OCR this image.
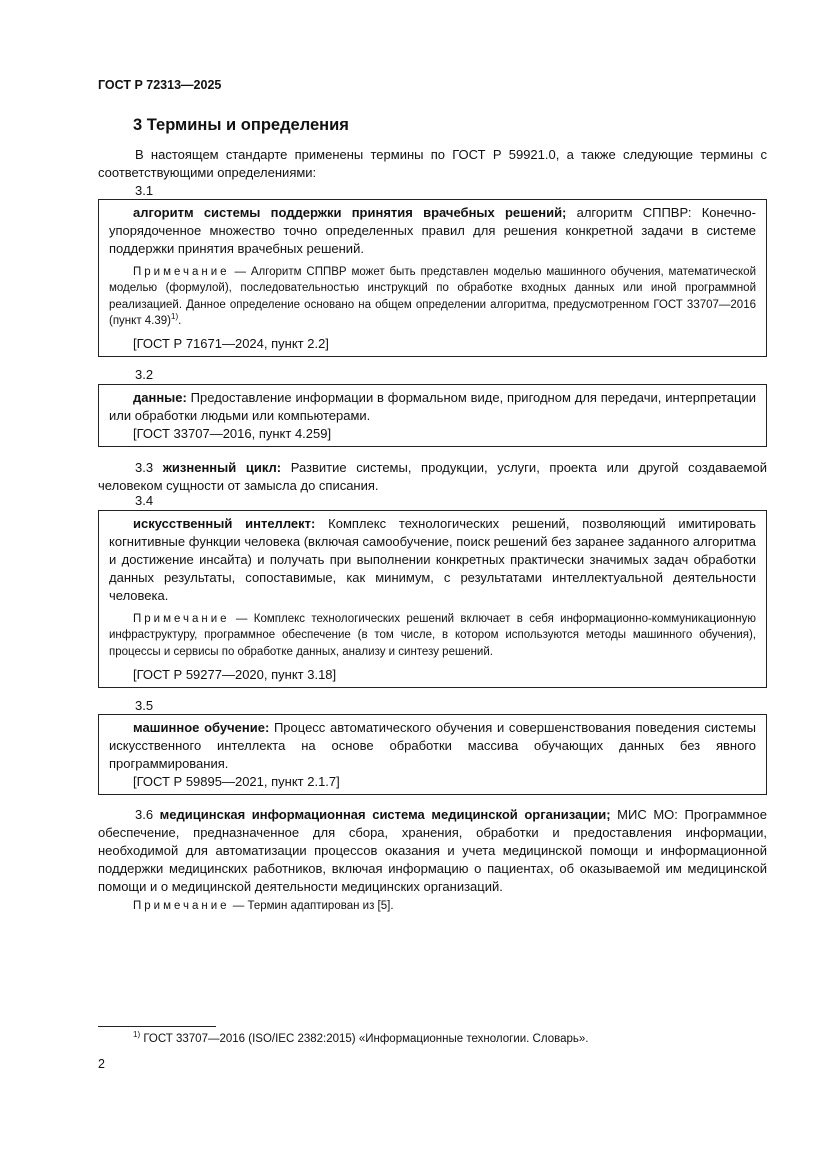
ГОСТ Р 72313—2025
3 Термины и определения

В настоящем стандарте применены термины по ГОСТ Р 59921.0, а также следующие термины с соответствующими определениями:

3.1

алгоритм системы поддержки принятия врачебных решений; алгоритм СППВР: Конечно-упорядоченное множество точно определенных правил для решения конкретной задачи в системе поддержки принятия врачебных решений.

Примечание — Алгоритм СППВР может быть представлен моделью машинного обучения, математической моделью (формулой), последовательностью инструкций по обработке входных данных или иной программной реализацией. Данное определение основано на общем определении алгоритма, предусмотренном ГОСТ 33707—2016 (пункт 4.39)$^{1)}$.

[ГОСТ Р 71671—2024, пункт 2.2]

3.2

данные: Предоставление информации в формальном виде, пригодном для передачи, интерпретации или обработки людьми или компьютерами.

[ГОСТ 33707—2016, пункт 4.259]

3.3 жизненный цикл: Развитие системы, продукции, услуги, проекта или другой создаваемой человеком сущности от замысла до списания.

3.4

искусственный интеллект: Комплекс технологических решений, позволяющий имитировать когнитивные функции человека (включая самообучение, поиск решений без заранее заданного алгоритма и достижение инсайта) и получать при выполнении конкретных практически значимых задач обработки данных результаты, сопоставимые, как минимум, с результатами интеллектуальной деятельности человека.

Примечание — Комплекс технологических решений включает в себя информационно-коммуникационную инфраструктуру, программное обеспечение (в том числе, в котором используются методы машинного обучения), процессы и сервисы по обработке данных, анализу и синтезу решений.

[ГОСТ Р 59277—2020, пункт 3.18]

3.5

машинное обучение: Процесс автоматического обучения и совершенствования поведения системы искусственного интеллекта на основе обработки массива обучающих данных без явного программирования.

[ГОСТ Р 59895—2021, пункт 2.1.7]

3.6 медицинская информационная система медицинской организации; МИС МО: Программное обеспечение, предназначенное для сбора, хранения, обработки и предоставления информации, необходимой для автоматизации процессов оказания и учета медицинской помощи и информационной поддержки медицинских работников, включая информацию о пациентах, об оказываемой им медицинской помощи и о медицинской деятельности медицинских организаций.

Примечание — Термин адаптирован из [5].
$^{1)}$ ГОСТ 33707—2016 (ISO/IEC 2382:2015) «Информационные технологии. Словарь».
2
